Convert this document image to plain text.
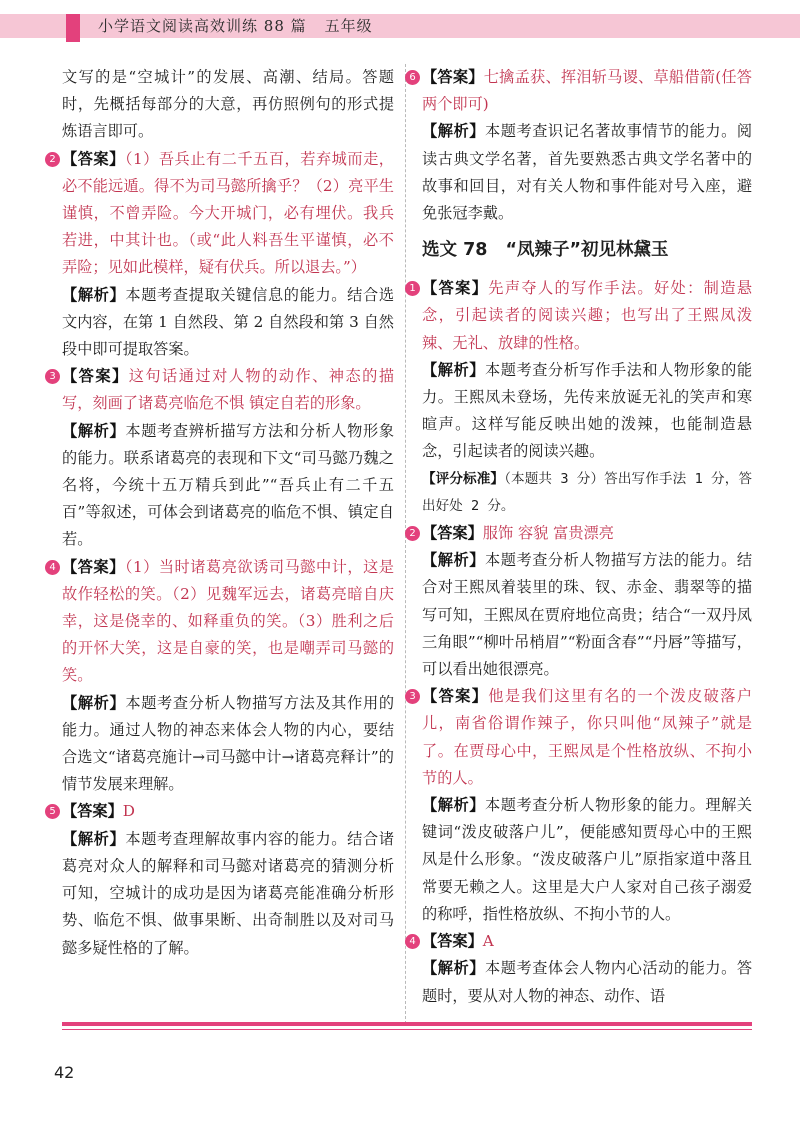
小学语文阅读高效训练 88 篇 五年级

文写的是“空城计”的发展、高潮、结局。答题时，先概括每部分的大意，再仿照例句的形式提炼语言即可。

2 【答案】（1）吾兵止有二千五百，若弃城而走，必不能远遁。得不为司马懿所擒乎？（2）亮平生谨慎，不曾弄险。今大开城门，必有埋伏。我兵若进，中其计也。（或“此人料吾生平谨慎，必不弄险；见如此模样，疑有伏兵。所以退去。”）

【解析】本题考查提取关键信息的能力。结合选文内容，在第 1 自然段、第 2 自然段和第 3 自然段中即可提取答案。

3 【答案】这句话通过对人物的动作、神态的描写，刻画了诸葛亮临危不惧 镇定自若的形象。

【解析】本题考查辨析描写方法和分析人物形象的能力。联系诸葛亮的表现和下文“司马懿乃魏之名将，今统十五万精兵到此”“吾兵止有二千五百”等叙述，可体会到诸葛亮的临危不惧、镇定自若。

4 【答案】（1）当时诸葛亮欲诱司马懿中计，这是故作轻松的笑。（2）见魏军远去，诸葛亮暗自庆幸，这是侥幸的、如释重负的笑。（3）胜利之后的开怀大笑，这是自豪的笑，也是嘲弄司马懿的笑。

【解析】本题考查分析人物描写方法及其作用的能力。通过人物的神态来体会人物的内心，要结合选文“诸葛亮施计→司马懿中计→诸葛亮释计”的情节发展来理解。

5 【答案】D

【解析】本题考查理解故事内容的能力。结合诸葛亮对众人的解释和司马懿对诸葛亮的猜测分析可知，空城计的成功是因为诸葛亮能准确分析形势、临危不惧、做事果断、出奇制胜以及对司马懿多疑性格的了解。

6 【答案】七擒孟获、挥泪斩马谡、草船借箭(任答两个即可)

【解析】本题考查识记名著故事情节的能力。阅读古典文学名著，首先要熟悉古典文学名著中的故事和回目，对有关人物和事件能对号入座，避免张冠李戴。

选文 78 “凤辣子”初见林黛玉
1 【答案】先声夺人的写作手法。好处：制造悬念，引起读者的阅读兴趣；也写出了王熙凤泼辣、无礼、放肆的性格。

【解析】本题考查分析写作手法和人物形象的能力。王熙凤未登场，先传来放诞无礼的笑声和寒暄声。这样写能反映出她的泼辣，也能制造悬念，引起读者的阅读兴趣。

【评分标准】（本题共 3 分）答出写作手法 1 分，答出好处 2 分。

2 【答案】服饰 容貌 富贵漂亮

【解析】本题考查分析人物描写方法的能力。结合对王熙凤着装里的珠、钗、赤金、翡翠等的描写可知，王熙凤在贾府地位高贵；结合“一双丹凤三角眼”“柳叶吊梢眉”“粉面含春”“丹唇”等描写，可以看出她很漂亮。

3 【答案】他是我们这里有名的一个泼皮破落户儿，南省俗谓作辣子，你只叫他“凤辣子”就是了。在贾母心中，王熙凤是个性格放纵、不拘小节的人。

【解析】本题考查分析人物形象的能力。理解关键词“泼皮破落户儿”，便能感知贾母心中的王熙凤是什么形象。“泼皮破落户儿”原指家道中落且常要无赖之人。这里是大户人家对自己孩子溺爱的称呼，指性格放纵、不拘小节的人。

4 【答案】A

【解析】本题考查体会人物内心活动的能力。答题时，要从对人物的神态、动作、语

42
